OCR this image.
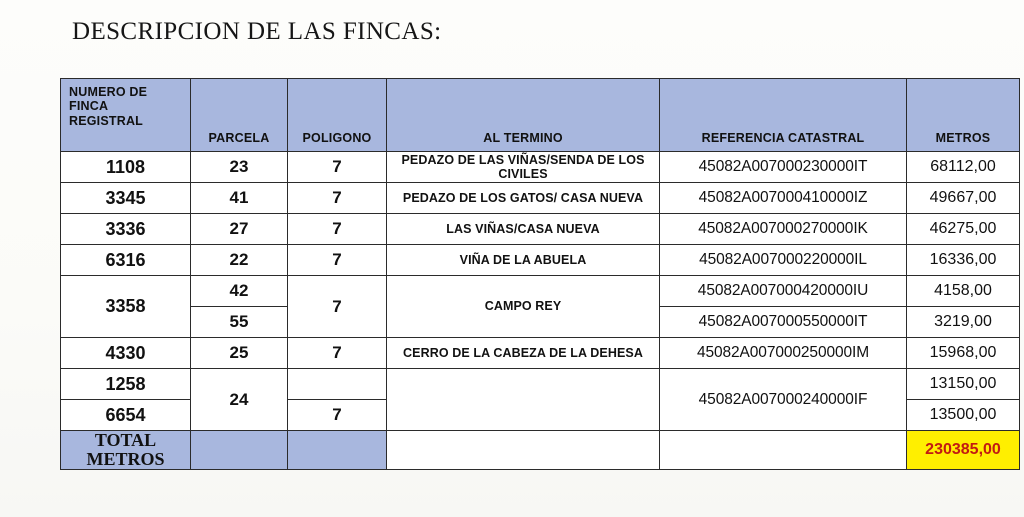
DESCRIPCION DE LAS FINCAS:
NUMERO DE
FINCA
REGISTRAL	PARCELA	POLIGONO	AL TERMINO	REFERENCIA CATASTRAL	METROS
1108	23	7	PEDAZO DE LAS VIÑAS/SENDA DE LOS CIVILES	45082A007000230000IT	68112,00
3345	41	7	PEDAZO DE LOS GATOS/ CASA NUEVA	45082A007000410000IZ	49667,00
3336	27	7	LAS VIÑAS/CASA NUEVA	45082A007000270000IK	46275,00
6316	22	7	VIÑA DE LA ABUELA	45082A007000220000IL	16336,00
3358	42	7	CAMPO REY	45082A007000420000IU	4158,00
	55			45082A007000550000IT	3219,00
4330	25	7	CERRO DE LA CABEZA DE LA DEHESA	45082A007000250000IM	15968,00
1258	24			45082A007000240000IF	13150,00
6654		7			13500,00

TOTAL
METROS					230385,00
